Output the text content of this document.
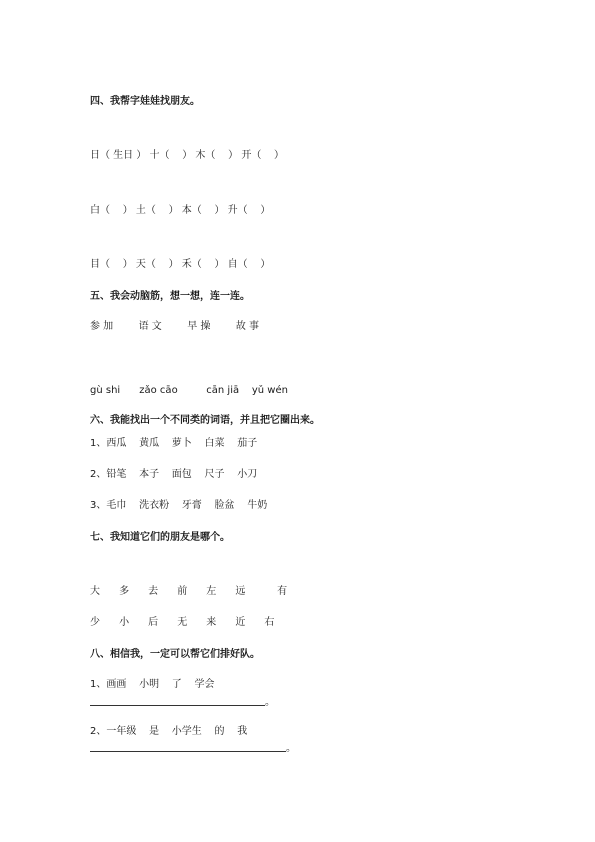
四、我帮字娃娃找朋友。
日（ 生日 ） 十（    ） 木（    ） 开（    ）
白（    ） 土（    ） 本（    ） 升（    ）
目（    ） 天（    ） 禾（    ） 自（    ）
五、我会动脑筋，想一想，连一连。
参 加        语 文        早 操        故 事
gù shi      zǎo cāo         cān jiā    yǔ wén
六、我能找出一个不同类的词语，并且把它圈出来。
1、西瓜    黄瓜    萝卜    白菜    茄子
2、铅笔    本子    面包    尺子    小刀
3、毛巾    洗衣粉    牙膏    脸盆    牛奶
七、我知道它们的朋友是哪个。
大      多      去      前      左      远          有
少      小      后      无      来      近      右
八、相信我，一定可以帮它们排好队。
1、画画    小明    了    学会
。
2、一年级    是    小学生    的    我
。
